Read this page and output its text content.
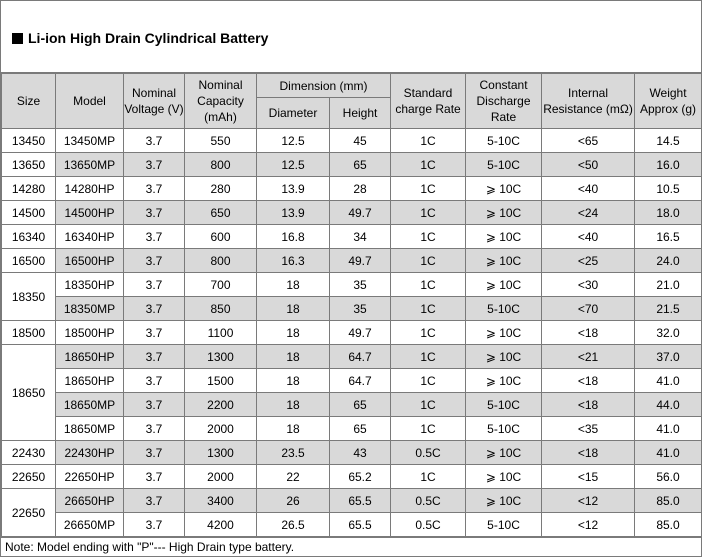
Li-ion High Drain Cylindrical Battery
Size	Model	Nominal Voltage (V)	Nominal Capacity (mAh)	Dimension (mm)		Standard charge Rate	Constant Discharge Rate	Internal Resistance (mΩ)	Weight Approx (g)
				Diameter	Height				
13450	13450MP	3.7	550	12.5	45	1C	5-10C	<65	14.5
13650	13650MP	3.7	800	12.5	65	1C	5-10C	<50	16.0
14280	14280HP	3.7	280	13.9	28	1C	⩾ 10C	<40	10.5
14500	14500HP	3.7	650	13.9	49.7	1C	⩾ 10C	<24	18.0
16340	16340HP	3.7	600	16.8	34	1C	⩾ 10C	<40	16.5
16500	16500HP	3.7	800	16.3	49.7	1C	⩾ 10C	<25	24.0
18350	18350HP	3.7	700	18	35	1C	⩾ 10C	<30	21.0
	18350MP	3.7	850	18	35	1C	5-10C	<70	21.5
18500	18500HP	3.7	1100	18	49.7	1C	⩾ 10C	<18	32.0
18650	18650HP	3.7	1300	18	64.7	1C	⩾ 10C	<21	37.0
	18650HP	3.7	1500	18	64.7	1C	⩾ 10C	<18	41.0
	18650MP	3.7	2200	18	65	1C	5-10C	<18	44.0
	18650MP	3.7	2000	18	65	1C	5-10C	<35	41.0
22430	22430HP	3.7	1300	23.5	43	0.5C	⩾ 10C	<18	41.0
22650	22650HP	3.7	2000	22	65.2	1C	⩾ 10C	<15	56.0
22650	26650HP	3.7	3400	26	65.5	0.5C	⩾ 10C	<12	85.0
	26650MP	3.7	4200	26.5	65.5	0.5C	5-10C	<12	85.0
Note: Model ending with "P"--- High Drain type battery.
